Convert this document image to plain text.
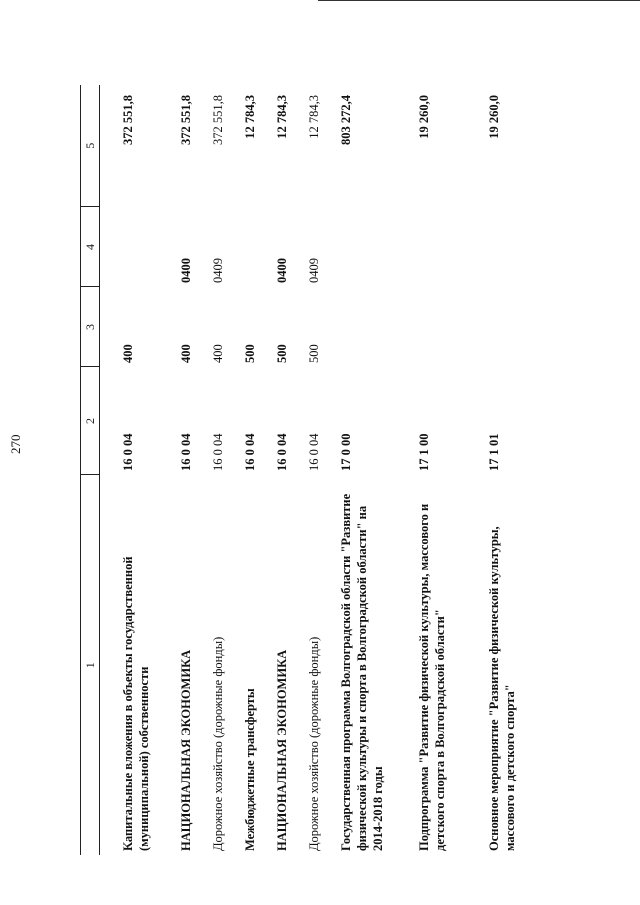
270
1	2	3	4	5
Капитальные вложения в объекты государственной (муниципальной) собственности	16 0 04	400		372 551,8
НАЦИОНАЛЬНАЯ ЭКОНОМИКА	16 0 04	400	0400	372 551,8
Дорожное хозяйство (дорожные фонды)	16 0 04	400	0409	372 551,8
Межбюджетные трансферты	16 0 04	500		12 784,3
НАЦИОНАЛЬНАЯ ЭКОНОМИКА	16 0 04	500	0400	12 784,3
Дорожное хозяйство (дорожные фонды)	16 0 04	500	0409	12 784,3
Государственная программа Волгоградской области "Развитие физической культуры и спорта в Волгоградской области" на 2014-2018 годы	17 0 00			803 272,4
Подпрограмма "Развитие физической культуры, массового и детского спорта в Волгоградской области"	17 1 00			19 260,0
Основное мероприятие "Развитие физической культуры, массового и детского спорта"	17 1 01			19 260,0
